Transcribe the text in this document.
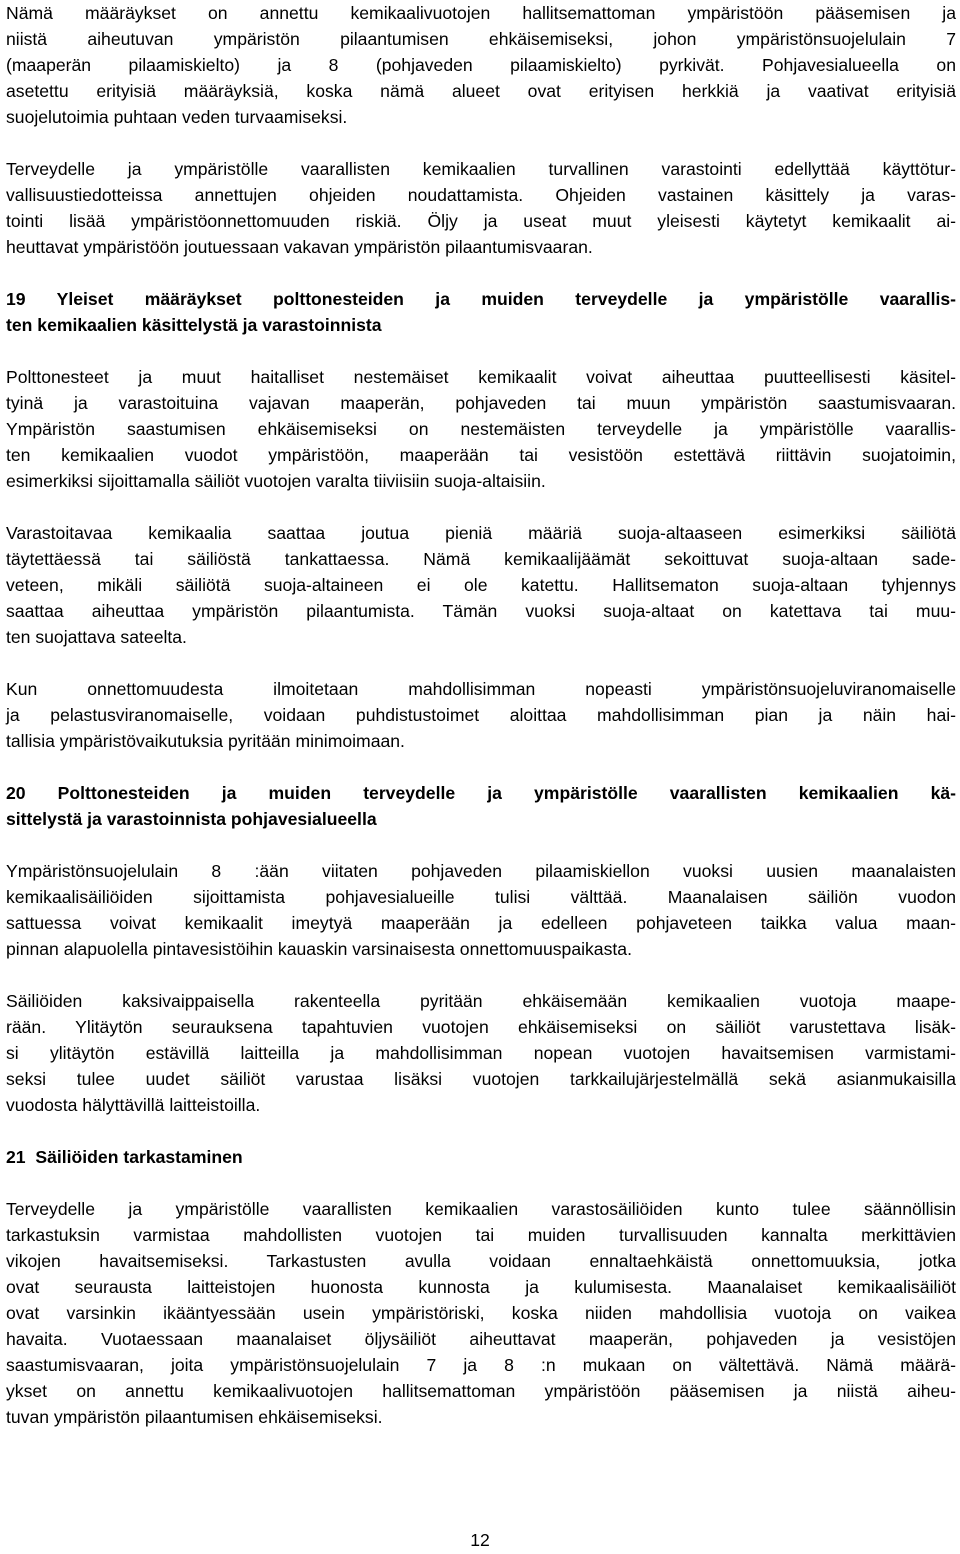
Nämä määräykset on annettu kemikaalivuotojen hallitsemattoman ympäristöön pääsemisen ja
niistä aiheutuvan ympäristön pilaantumisen ehkäisemiseksi, johon ympäristönsuojelulain 7
(maaperän pilaamiskielto) ja 8 (pohjaveden pilaamiskielto) pyrkivät. Pohjavesialueella on
asetettu erityisiä määräyksiä, koska nämä alueet ovat erityisen herkkiä ja vaativat erityisiä
suojelutoimia puhtaan veden turvaamiseksi.
Terveydelle ja ympäristölle vaarallisten kemikaalien turvallinen varastointi edellyttää käyttötur-
vallisuustiedotteissa annettujen ohjeiden noudattamista. Ohjeiden vastainen käsittely ja varas-
tointi lisää ympäristöonnettomuuden riskiä. Öljy ja useat muut yleisesti käytetyt kemikaalit ai-
heuttavat ympäristöön joutuessaan vakavan ympäristön pilaantumisvaaran.
19 Yleiset määräykset polttonesteiden ja muiden terveydelle ja ympäristölle vaarallis-
ten kemikaalien käsittelystä ja varastoinnista
Polttonesteet ja muut haitalliset nestemäiset kemikaalit voivat aiheuttaa puutteellisesti käsitel-
tyinä ja varastoituina vajavan maaperän, pohjaveden tai muun ympäristön saastumisvaaran.
Ympäristön saastumisen ehkäisemiseksi on nestemäisten terveydelle ja ympäristölle vaarallis-
ten kemikaalien vuodot ympäristöön, maaperään tai vesistöön estettävä riittävin suojatoimin,
esimerkiksi sijoittamalla säiliöt vuotojen varalta tiiviisiin suoja-altaisiin.
Varastoitavaa kemikaalia saattaa joutua pieniä määriä suoja-altaaseen esimerkiksi säiliötä
täytettäessä tai säiliöstä tankattaessa. Nämä kemikaalijäämät sekoittuvat suoja-altaan sade-
veteen, mikäli säiliötä suoja-altaineen ei ole katettu. Hallitsematon suoja-altaan tyhjennys
saattaa aiheuttaa ympäristön pilaantumista. Tämän vuoksi suoja-altaat on katettava tai muu-
ten suojattava sateelta.
Kun onnettomuudesta ilmoitetaan mahdollisimman nopeasti ympäristönsuojeluviranomaiselle
ja pelastusviranomaiselle, voidaan puhdistustoimet aloittaa mahdollisimman pian ja näin hai-
tallisia ympäristövaikutuksia pyritään minimoimaan.
20 Polttonesteiden ja muiden terveydelle ja ympäristölle vaarallisten kemikaalien kä-
sittelystä ja varastoinnista pohjavesialueella
Ympäristönsuojelulain 8 :ään viitaten pohjaveden pilaamiskiellon vuoksi uusien maanalaisten
kemikaalisäiliöiden sijoittamista pohjavesialueille tulisi välttää. Maanalaisen säiliön vuodon
sattuessa voivat kemikaalit imeytyä maaperään ja edelleen pohjaveteen taikka valua maan-
pinnan alapuolella pintavesistöihin kauaskin varsinaisesta onnettomuuspaikasta.
Säiliöiden kaksivaippaisella rakenteella pyritään ehkäisemään kemikaalien vuotoja maape-
rään. Ylitäytön seurauksena tapahtuvien vuotojen ehkäisemiseksi on säiliöt varustettava lisäk-
si ylitäytön estävillä laitteilla ja mahdollisimman nopean vuotojen havaitsemisen varmistami-
seksi tulee uudet säiliöt varustaa lisäksi vuotojen tarkkailujärjestelmällä sekä asianmukaisilla
vuodosta hälyttävillä laitteistoilla.
21  Säiliöiden tarkastaminen
Terveydelle ja ympäristölle vaarallisten kemikaalien varastosäiliöiden kunto tulee säännöllisin
tarkastuksin varmistaa mahdollisten vuotojen tai muiden turvallisuuden kannalta merkittävien
vikojen havaitsemiseksi. Tarkastusten avulla voidaan ennaltaehkäistä onnettomuuksia, jotka
ovat seurausta laitteistojen huonosta kunnosta ja kulumisesta. Maanalaiset kemikaalisäiliöt
ovat varsinkin ikääntyessään usein ympäristöriski, koska niiden mahdollisia vuotoja on vaikea
havaita. Vuotaessaan maanalaiset öljysäiliöt aiheuttavat maaperän, pohjaveden ja vesistöjen
saastumisvaaran, joita ympäristönsuojelulain 7 ja 8 :n mukaan on vältettävä. Nämä määrä-
ykset on annettu kemikaalivuotojen hallitsemattoman ympäristöön pääsemisen ja niistä aiheu-
tuvan ympäristön pilaantumisen ehkäisemiseksi.
12
